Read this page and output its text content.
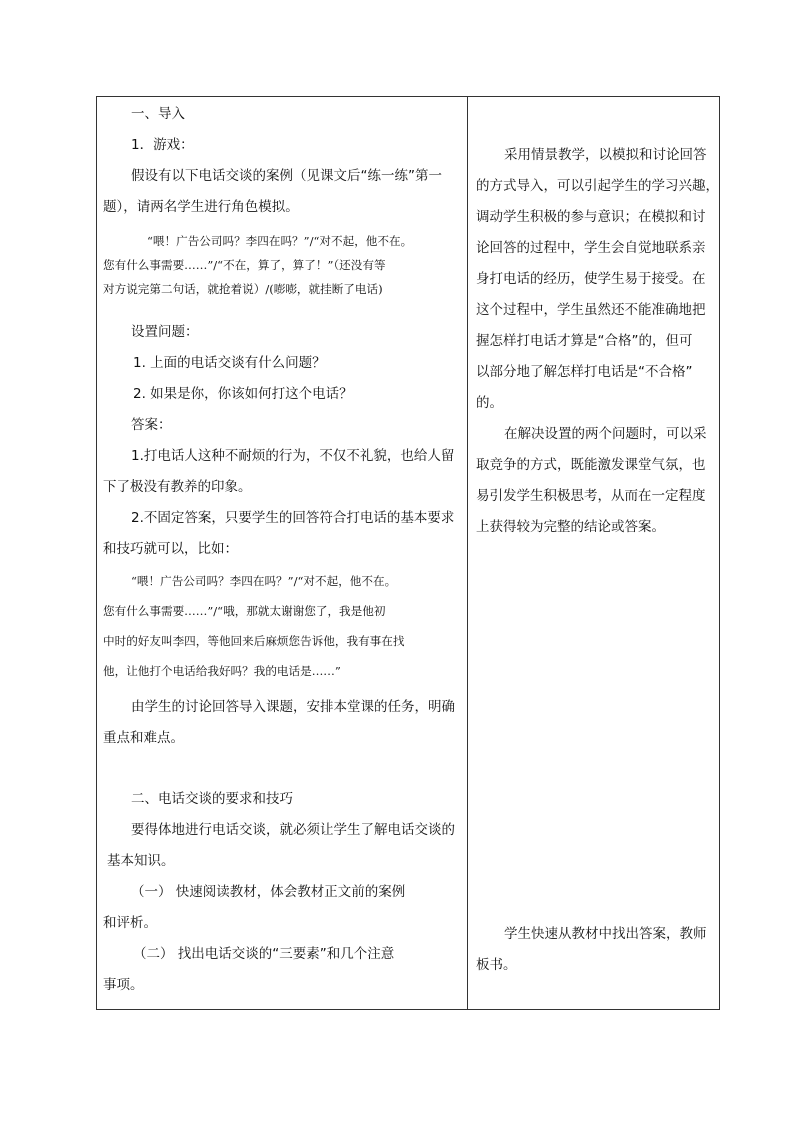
一、导入
1．游戏：
假设有以下电话交谈的案例（见课文后“练一练”第一
题），请两名学生进行角色模拟。
“喂！广告公司吗？李四在吗？”/“对不起，他不在。
您有什么事需要……”/“不在，算了，算了！”（还没有等
对方说完第二句话，就抢着说）/(嘭嘭，就挂断了电话)
设置问题：
1. 上面的电话交谈有什么问题？
2. 如果是你，你该如何打这个电话？
答案：
1.打电话人这种不耐烦的行为，不仅不礼貌，也给人留
下了极没有教养的印象。
2.不固定答案，只要学生的回答符合打电话的基本要求
和技巧就可以，比如：
“喂！广告公司吗？李四在吗？”/“对不起，他不在。
您有什么事需要……”/“哦，那就太谢谢您了，我是他初
中时的好友叫李四，等他回来后麻烦您告诉他，我有事在找
他，让他打个电话给我好吗？我的电话是……”
由学生的讨论回答导入课题，安排本堂课的任务，明确
重点和难点。
二、电话交谈的要求和技巧
要得体地进行电话交谈，就必须让学生了解电话交谈的
基本知识。
（一） 快速阅读教材，体会教材正文前的案例
和评析。
（二） 找出电话交谈的“三要素”和几个注意
事项。
采用情景教学，以模拟和讨论回答
的方式导入，可以引起学生的学习兴趣，
调动学生积极的参与意识；在模拟和讨
论回答的过程中，学生会自觉地联系亲
身打电话的经历，使学生易于接受。在
这个过程中，学生虽然还不能准确地把
握怎样打电话才算是“合格”的，但可
以部分地了解怎样打电话是“不合格”
的。
在解决设置的两个问题时，可以采
取竞争的方式，既能激发课堂气氛，也
易引发学生积极思考，从而在一定程度
上获得较为完整的结论或答案。
学生快速从教材中找出答案，教师
板书。
